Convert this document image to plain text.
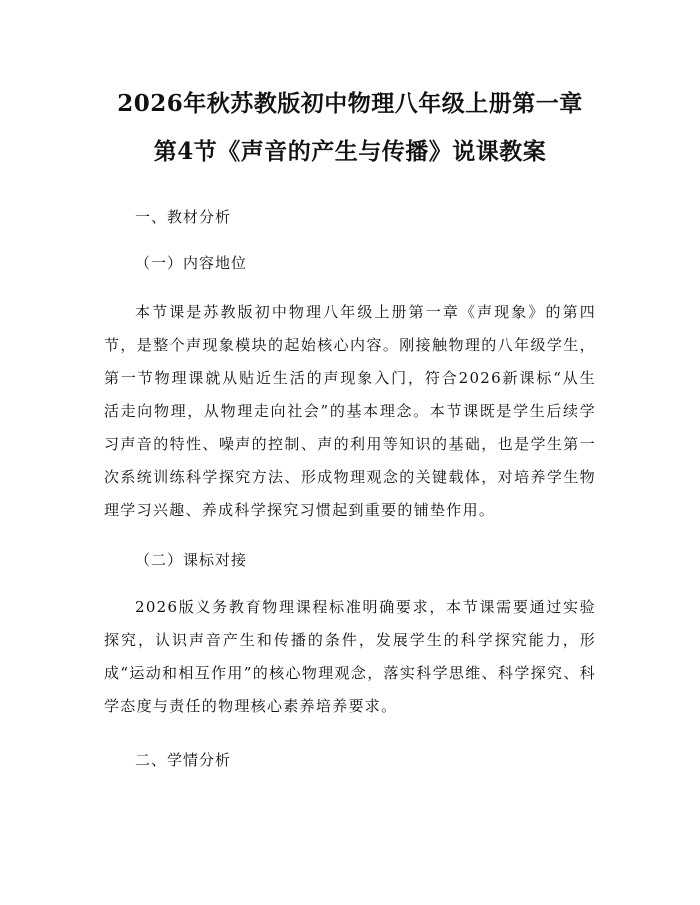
2026年秋苏教版初中物理八年级上册第一章
第4节《声音的产生与传播》说课教案

一、教材分析

（一）内容地位

本节课是苏教版初中物理八年级上册第一章《声现象》的第四节，是整个声现象模块的起始核心内容。刚接触物理的八年级学生，第一节物理课就从贴近生活的声现象入门，符合2026新课标“从生活走向物理，从物理走向社会”的基本理念。本节课既是学生后续学习声音的特性、噪声的控制、声的利用等知识的基础，也是学生第一次系统训练科学探究方法、形成物理观念的关键载体，对培养学生物理学习兴趣、养成科学探究习惯起到重要的铺垫作用。

（二）课标对接

2026版义务教育物理课程标准明确要求，本节课需要通过实验探究，认识声音产生和传播的条件，发展学生的科学探究能力，形成“运动和相互作用”的核心物理观念，落实科学思维、科学探究、科学态度与责任的物理核心素养培养要求。

二、学情分析
